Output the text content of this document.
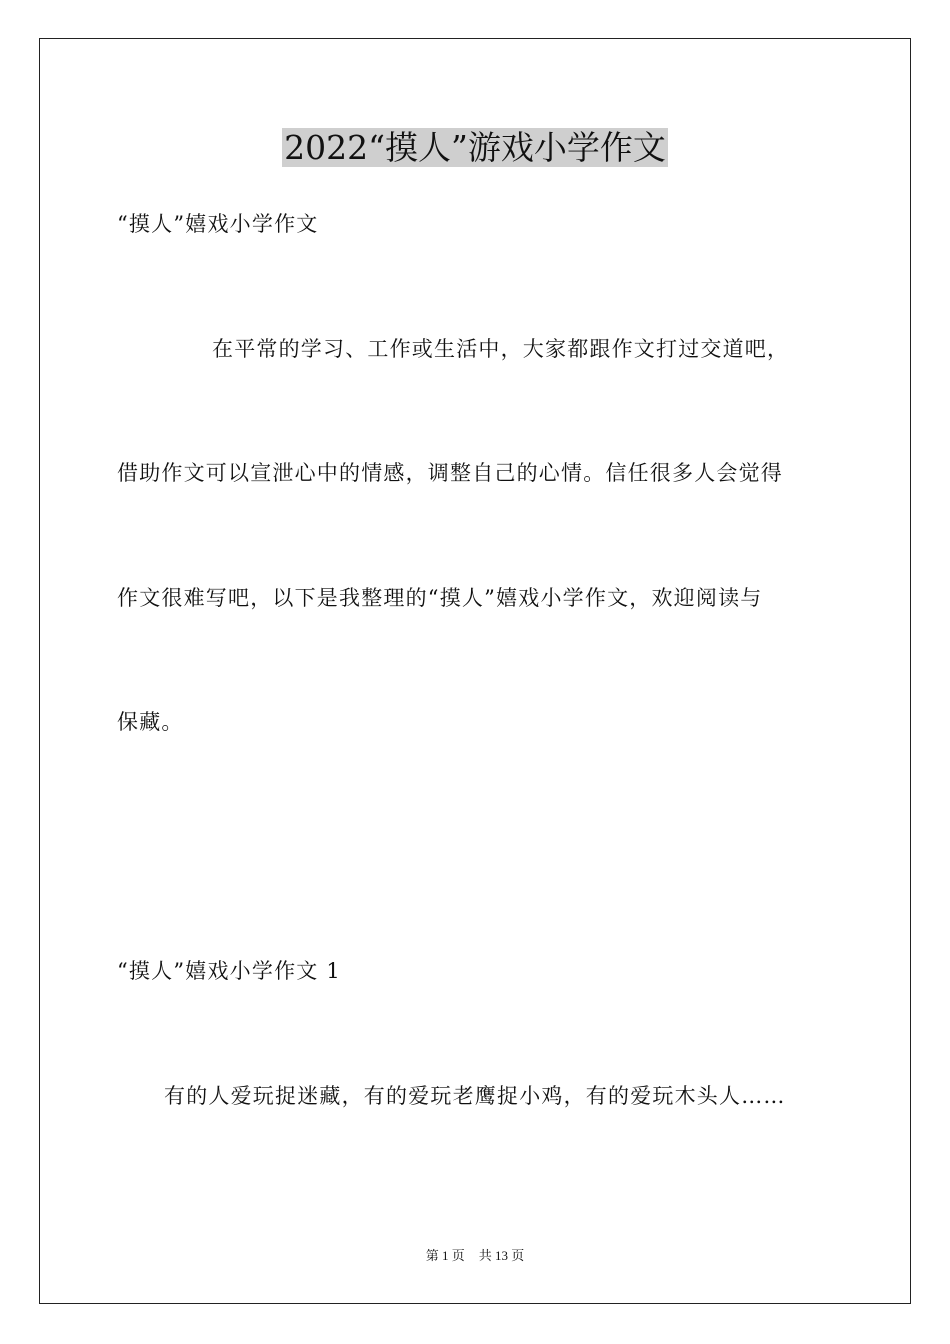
2022“摸人”游戏小学作文
“摸人”嬉戏小学作文
在平常的学习、工作或生活中，大家都跟作文打过交道吧，
借助作文可以宣泄心中的情感，调整自己的心情。信任很多人会觉得
作文很难写吧，以下是我整理的“摸人”嬉戏小学作文，欢迎阅读与
保藏。
“摸人”嬉戏小学作文 1
有的人爱玩捉迷藏，有的爱玩老鹰捉小鸡，有的爱玩木头人……
第 1 页 共 13 页
